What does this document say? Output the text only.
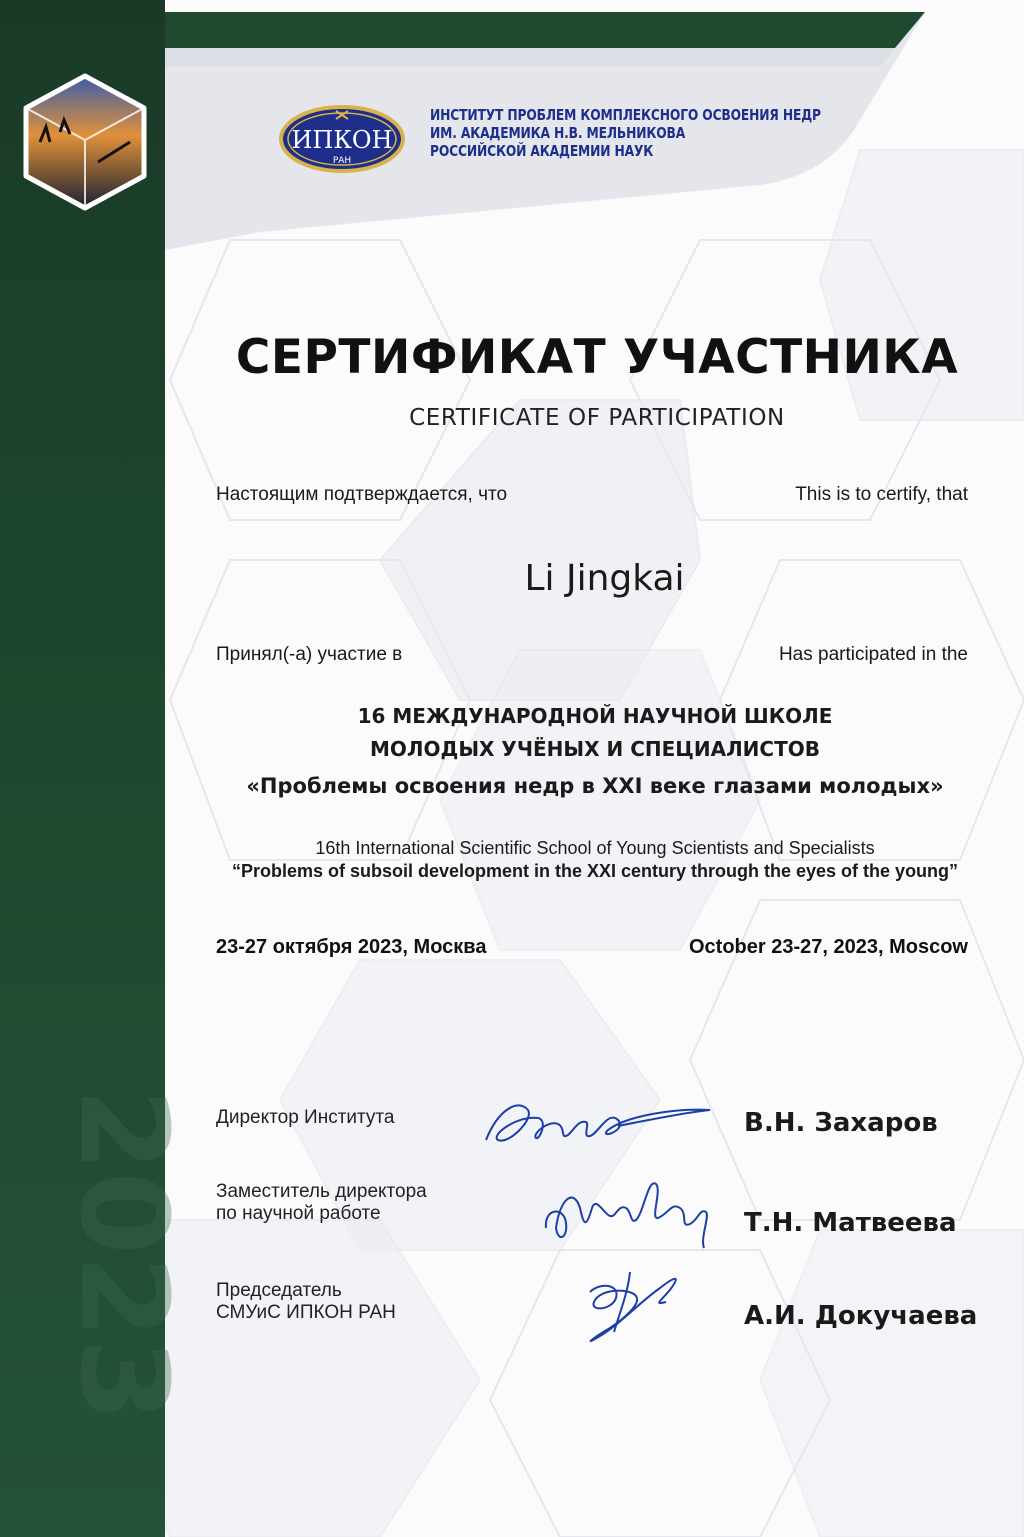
ИПКОН
РАН
ИНСТИТУТ ПРОБЛЕМ КОМПЛЕКСНОГО ОСВОЕНИЯ НЕДР
ИМ. АКАДЕМИКА Н.В. МЕЛЬНИКОВА
РОССИЙСКОЙ АКАДЕМИИ НАУК
СЕРТИФИКАТ УЧАСТНИКА
CERTIFICATE OF PARTICIPATION
Настоящим подтверждается, что	This is to certify, that
Li Jingkai
Принял(-а) участие в	Has participated in the
16 МЕЖДУНАРОДНОЙ НАУЧНОЙ ШКОЛЕ
МОЛОДЫХ УЧЁНЫХ И СПЕЦИАЛИСТОВ
«Проблемы освоения недр в XXI веке глазами молодых»
16th International Scientific School of Young Scientists and Specialists
“Problems of subsoil development in the XXI century through the eyes of the young”
23-27 октября 2023, Москва	October 23-27, 2023, Moscow
Директор Института	В.Н. Захаров
Заместитель директора
по научной работе	Т.Н. Матвеева
Председатель
СМУиС ИПКОН РАН	А.И. Докучаева
2023
